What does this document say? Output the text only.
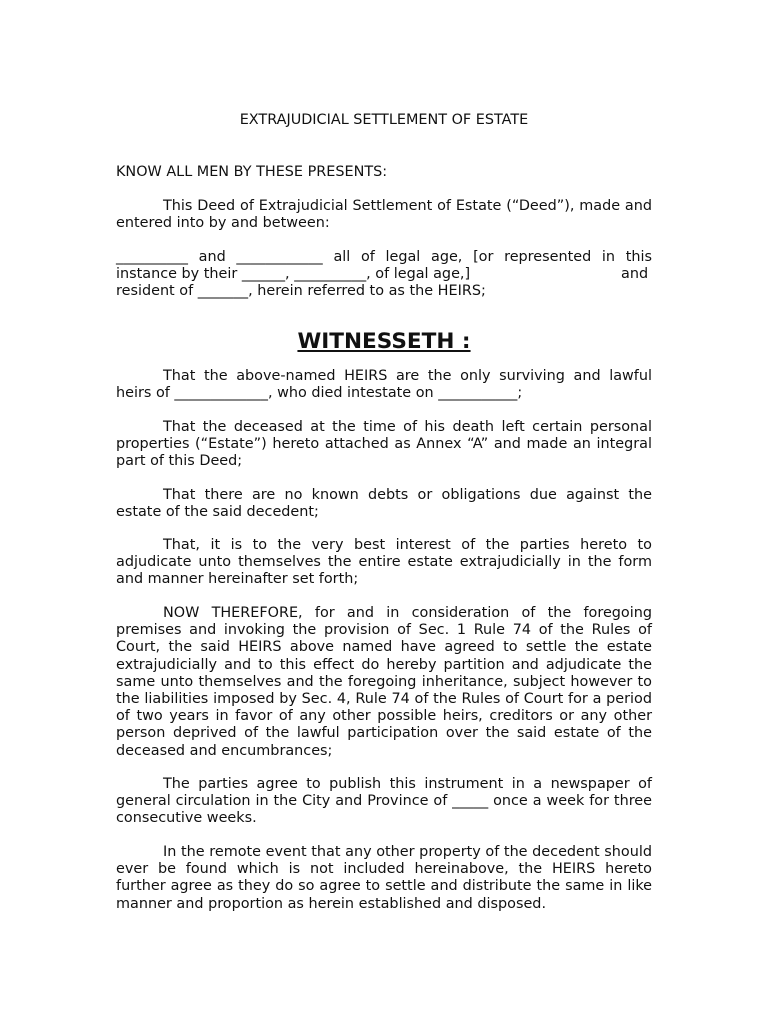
EXTRAJUDICIAL SETTLEMENT OF ESTATE

KNOW ALL MEN BY THESE PRESENTS:

This Deed of Extrajudicial Settlement of Estate (“Deed”), made and entered into by and between:

__________ and ____________ all of legal age, [or represented in this instance by their ______, __________, of legal age,]	and

resident of _______, herein referred to as the HEIRS;

WITNESSETH :

That the above-named HEIRS are the only surviving and lawful heirs of _____________, who died intestate on ___________;

That the deceased at the time of his death left certain personal properties (“Estate”) hereto attached as Annex “A” and made an integral part of this Deed;

That there are no known debts or obligations due against the estate of the said decedent;

That, it is to the very best interest of the parties hereto to adjudicate unto themselves the entire estate extrajudicially in the form and manner hereinafter set forth;

NOW THEREFORE, for and in consideration of the foregoing premises and invoking the provision of Sec. 1 Rule 74 of the Rules of Court, the said HEIRS above named have agreed to settle the estate extrajudicially and to this effect do hereby partition and adjudicate the same unto themselves and the foregoing inheritance, subject however to the liabilities imposed by Sec. 4, Rule 74 of the Rules of Court for a period of two years in favor of any other possible heirs, creditors or any other person deprived of the lawful participation over the said estate of the deceased and encumbrances;

The parties agree to publish this instrument in a newspaper of general circulation in the City and Province of _____ once a week for three consecutive weeks.

In the remote event that any other property of the decedent should ever be found which is not included hereinabove, the HEIRS hereto further agree as they do so agree to settle and distribute the same in like manner and proportion as herein established and disposed.
